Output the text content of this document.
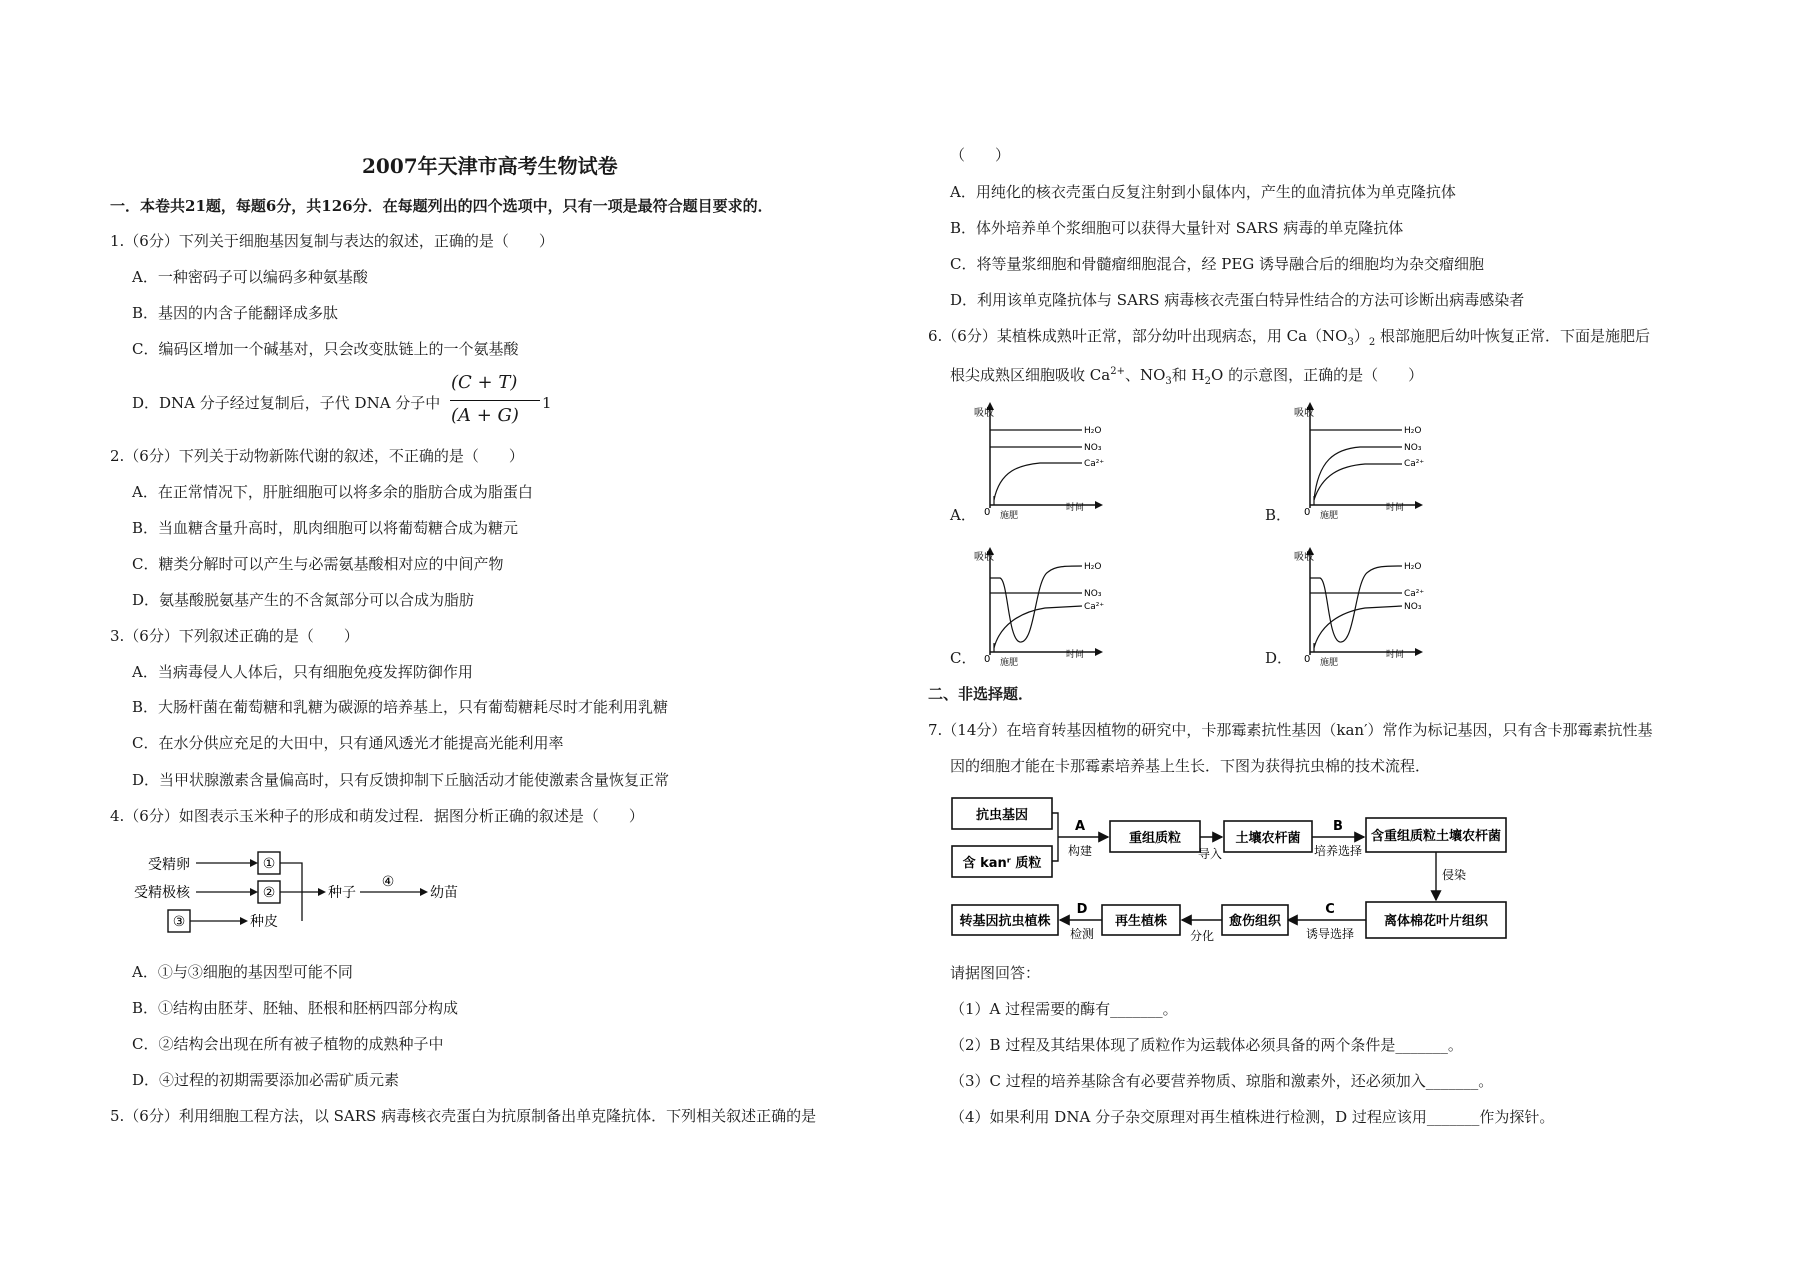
2007年天津市高考生物试卷
一．本卷共21题，每题6分，共126分．在每题列出的四个选项中，只有一项是最符合题目要求的．
1.（6分）下列关于细胞基因复制与表达的叙述，正确的是（　　）
A．一种密码子可以编码多种氨基酸
B．基因的内含子能翻译成多肽
C．编码区增加一个碱基对，只会改变肽链上的一个氨基酸
D．DNA 分子经过复制后，子代 DNA 分子中
(C + T)
(A + G)
1
2.（6分）下列关于动物新陈代谢的叙述，不正确的是（　　）
A．在正常情况下，肝脏细胞可以将多余的脂肪合成为脂蛋白
B．当血糖含量升高时，肌肉细胞可以将葡萄糖合成为糖元
C．糖类分解时可以产生与必需氨基酸相对应的中间产物
D．氨基酸脱氨基产生的不含氮部分可以合成为脂肪
3.（6分）下列叙述正确的是（　　）
A．当病毒侵人人体后，只有细胞免疫发挥防御作用
B．大肠杆菌在葡萄糖和乳糖为碳源的培养基上，只有葡萄糖耗尽时才能利用乳糖
C．在水分供应充足的大田中，只有通风透光才能提高光能利用率
D．当甲状腺激素含量偏高时，只有反馈抑制下丘脑活动才能使激素含量恢复正常
4.（6分）如图表示玉米种子的形成和萌发过程．据图分析正确的叙述是（　　）
受精卵
受精极核
①
②
③
种子
种皮
④
幼苗
A．①与③细胞的基因型可能不同
B．①结构由胚芽、胚轴、胚根和胚柄四部分构成
C．②结构会出现在所有被子植物的成熟种子中
D．④过程的初期需要添加必需矿质元素
5.（6分）利用细胞工程方法，以 SARS 病毒核衣壳蛋白为抗原制备出单克隆抗体．下列相关叙述正确的是
（　　）
A．用纯化的核衣壳蛋白反复注射到小鼠体内，产生的血清抗体为单克隆抗体
B．体外培养单个浆细胞可以获得大量针对 SARS 病毒的单克隆抗体
C．将等量浆细胞和骨髓瘤细胞混合，经 PEG 诱导融合后的细胞均为杂交瘤细胞
D．利用该单克隆抗体与 SARS 病毒核衣壳蛋白特异性结合的方法可诊断出病毒感染者
6.（6分）某植株成熟叶正常，部分幼叶出现病态，用 $Ca(NO_3)_2$ 根部施肥后幼叶恢复正常．下面是施肥后
根尖成熟区细胞吸收 $Ca^{2+}$、$NO_3$和 $H_2O$ 的示意图，正确的是（　　）
A．	B．
C．	D．
吸收
0 施肥
时间
H₂O
NO₃
Ca²⁺
吸收
0 施肥
时间
H₂O
NO₃
Ca²⁺
吸收
0 施肥
时间
H₂O
NO₃
Ca²⁺
吸收
0 施肥
时间
H₂O
Ca²⁺
NO₃
二、非选择题．
7.（14分）在培育转基因植物的研究中，卡那霉素抗性基因（kan′）常作为标记基因，只有含卡那霉素抗性基
因的细胞才能在卡那霉素培养基上生长．下图为获得抗虫棉的技术流程．
抗虫基因
含 kanʳ 质粒
A
构建
重组质粒
导入
土壤农杆菌
B
培养选择
含重组质粒土壤农杆菌
侵染
离体棉花叶片组织
C
诱导选择
愈伤组织
分化
再生植株
D
检测
转基因抗虫植株
请据图回答：
（1）A 过程需要的酶有_______。
（2）B 过程及其结果体现了质粒作为运载体必须具备的两个条件是_______。
（3）C 过程的培养基除含有必要营养物质、琼脂和激素外，还必须加入_______。
（4）如果利用 DNA 分子杂交原理对再生植株进行检测，D 过程应该用_______作为探针。
